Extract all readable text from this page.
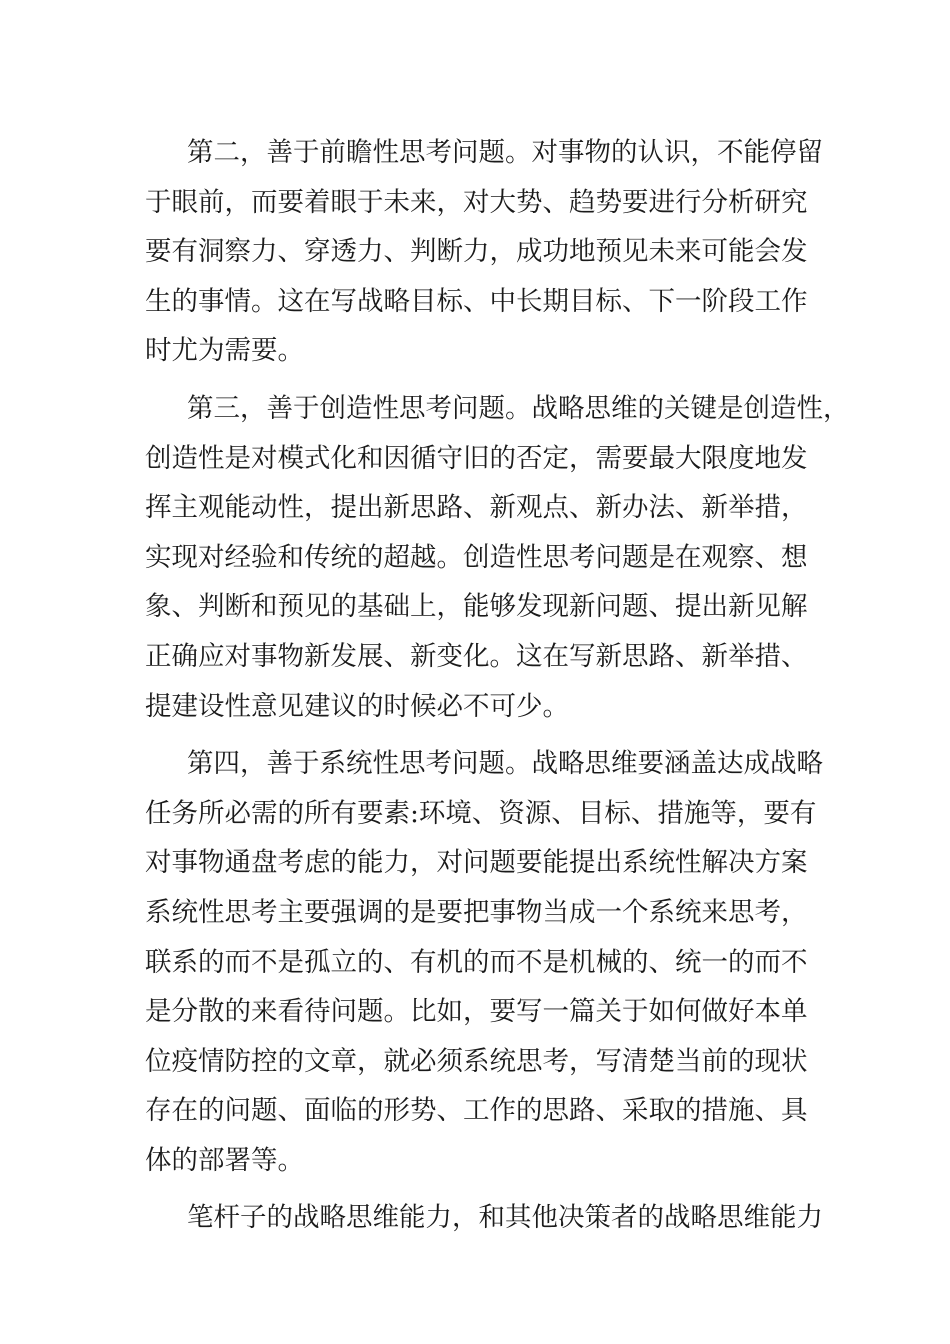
第二，善于前瞻性思考问题。对事物的认识，不能停留
于眼前，而要着眼于未来，对大势、趋势要进行分析研究
要有洞察力、穿透力、判断力，成功地预见未来可能会发
生的事情。这在写战略目标、中长期目标、下一阶段工作
时尤为需要。
第三，善于创造性思考问题。战略思维的关键是创造性，
创造性是对模式化和因循守旧的否定，需要最大限度地发
挥主观能动性，提出新思路、新观点、新办法、新举措，
实现对经验和传统的超越。创造性思考问题是在观察、想
象、判断和预见的基础上，能够发现新问题、提出新见解
正确应对事物新发展、新变化。这在写新思路、新举措、
提建设性意见建议的时候必不可少。
第四，善于系统性思考问题。战略思维要涵盖达成战略
任务所必需的所有要素:环境、资源、目标、措施等，要有
对事物通盘考虑的能力，对问题要能提出系统性解决方案
系统性思考主要强调的是要把事物当成一个系统来思考，
联系的而不是孤立的、有机的而不是机械的、统一的而不
是分散的来看待问题。比如，要写一篇关于如何做好本单
位疫情防控的文章，就必须系统思考，写清楚当前的现状
存在的问题、面临的形势、工作的思路、采取的措施、具
体的部署等。
笔杆子的战略思维能力，和其他决策者的战略思维能力
